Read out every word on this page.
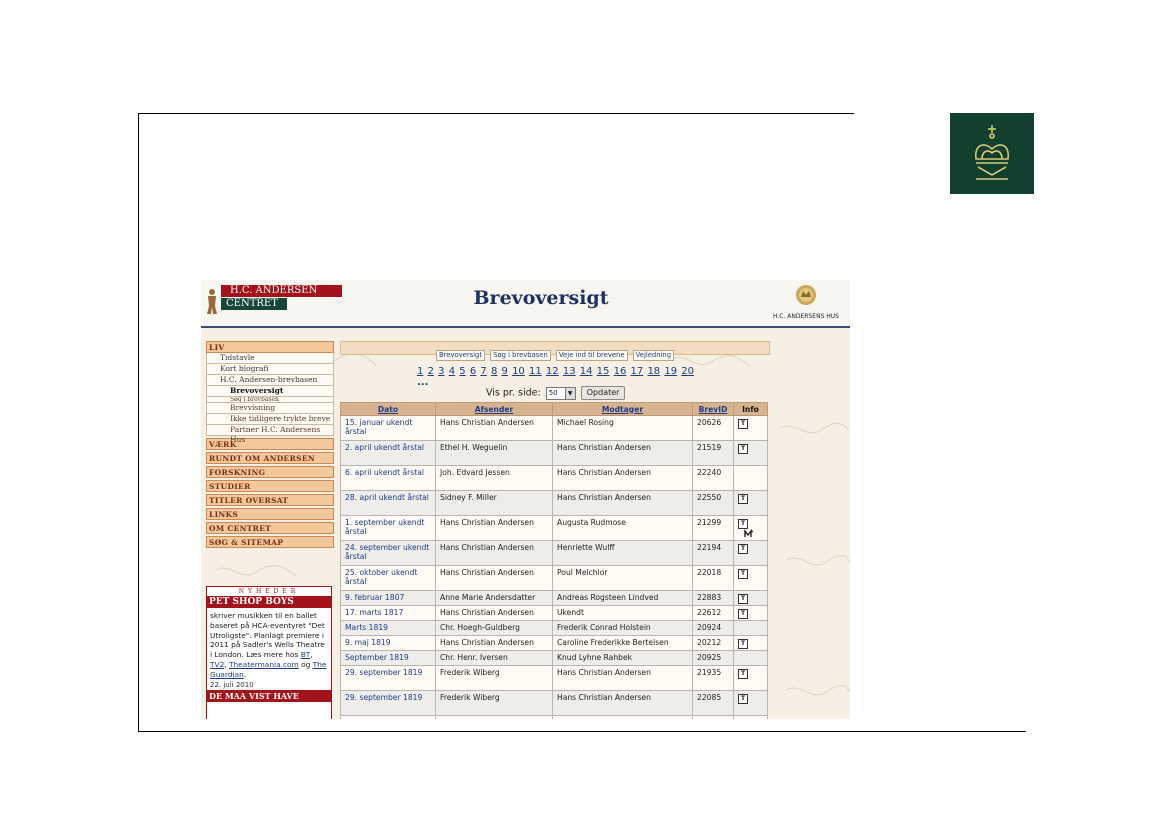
H.C. ANDERSEN
CENTRET	Brevoversigt
H.C. ANDERSENS HUS
LIV
Tidstavle
Kort biografi
H.C. Andersen-brevbasen
Brevoversigt
Søg i brevbasen
Brevvisning
Ikke tidligere trykte breve
Partner H.C. Andersens Hus
VÆRK
RUNDT OM ANDERSEN
FORSKNING
STUDIER
TITLER OVERSAT
LINKS
OM CENTRET
SØG & SITEMAP
NYHEDER
PET SHOP BOYS
skriver musikken til en ballet baseret på HCA-eventyret "Det Utroligste". Planlagt premiere i 2011 på Sadler's Wells Theatre i London. Læs mere hos BT, TV2, Theatermania.com og The Guardian.
22. juli 2010
DE MAA VIST HAVE
Brevoversigt Søg i brevbasen Veje ind til brevene Vejledning
1 2 3 4 5 6 7 8 9 10 11 12 13 14 15 16 17 18 19 20 ...
Vis pr. side: 50	▼ Opdater
Dato	Afsender	Modtager	BrevID	Info
15. januar ukendt årstal	Hans Christian Andersen	Michael Rosing	20626	T
2. april ukendt årstal	Ethel H. Weguelin	Hans Christian Andersen	21519	T
6. april ukendt årstal	Joh. Edvard Jessen	Hans Christian Andersen	22240	
28. april ukendt årstal	Sidney F. Miller	Hans Christian Andersen	22550	T
1. september ukendt årstal	Hans Christian Andersen	Augusta Rudmose	21299	T

24. september ukendt årstal	Hans Christian Andersen	Henriette Wulff	22194	T
25. oktober ukendt årstal	Hans Christian Andersen	Poul Melchior	22018	T
9. februar 1807	Anne Marie Andersdatter	Andreas Rogsteen Lindved	22883	T
17. marts 1817	Hans Christian Andersen	Ukendt	22612	T
Marts 1819	Chr. Hoegh-Guldberg	Frederik Conrad Holstein	20924	
9. maj 1819	Hans Christian Andersen	Caroline Frederikke Bertelsen	20212	T
September 1819	Chr. Henr. Iversen	Knud Lyhne Rahbek	20925	
29. september 1819	Frederik Wiberg	Hans Christian Andersen	21935	T
29. september 1819	Frederik Wiberg	Hans Christian Andersen	22085	T
